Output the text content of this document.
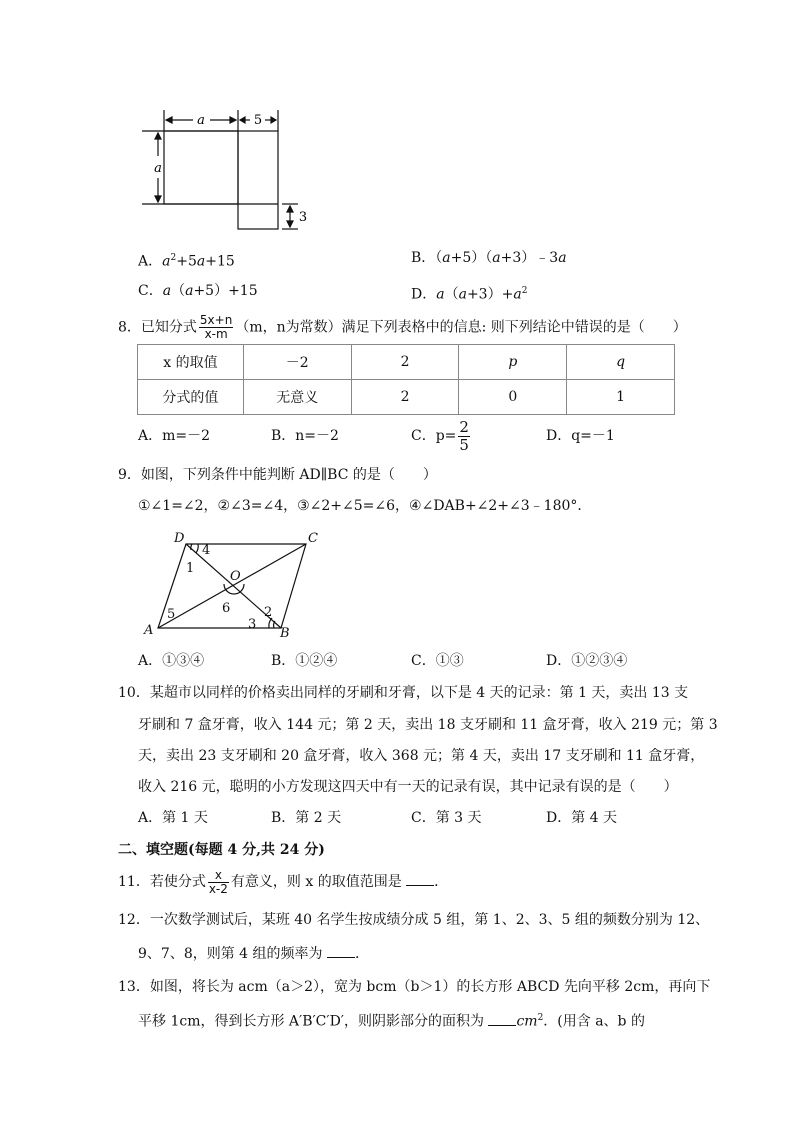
a	5
a
3
A．$a^2+5a+15$	B．（a+5）（a+3）﹣3a
C．a（a+5）+15	D．$a(a+3)+a^2$
8．已知分式 $\frac{5x+n}{x-m} (m$，n为常数）满足下列表格中的信息: 则下列结论中错误的是（　　）
x 的取值	－2	2	p	q
分式的值	无意义	2	0	1
A．m=－2	B．n=－2	C．$p= \frac{2}{5}$	D．q=－1
9．如图，下列条件中能判断 AD∥BC 的是（　　）
①∠1=∠2，②∠3=∠4，③∠2+∠5=∠6，④∠DAB+∠2+∠3﹣180°．
D	C
A	B
O
4
1
5	6
3
2
A．①③④	B．①②④	C．①③	D．①②③④
10．某超市以同样的价格卖出同样的牙刷和牙膏，以下是 4 天的记录：第 1 天，卖出 13 支
牙刷和 7 盒牙膏，收入 144 元；第 2 天，卖出 18 支牙刷和 11 盒牙膏，收入 219 元；第 3
天，卖出 23 支牙刷和 20 盒牙膏，收入 368 元；第 4 天，卖出 17 支牙刷和 11 盒牙膏，
收入 216 元，聪明的小方发现这四天中有一天的记录有误，其中记录有误的是（　　）
A．第 1 天	B．第 2 天	C．第 3 天	D．第 4 天
二、填空题(每题 4 分,共 24 分)
11．若使分式 $\frac{x}{x-2}$ 有意义，则 x 的取值范围是 ．
12．一次数学测试后，某班 40 名学生按成绩分成 5 组，第 1、2、3、5 组的频数分别为 12、
9、7、8，则第 4 组的频率为 ．
13．如图，将长为 acm（a＞2），宽为 bcm（b＞1）的长方形 ABCD 先向平移 2cm，再向下
平移 1cm，得到长方形 A′B′C′D′，则阴影部分的面积为 $cm^2$．(用含 a、b 的
